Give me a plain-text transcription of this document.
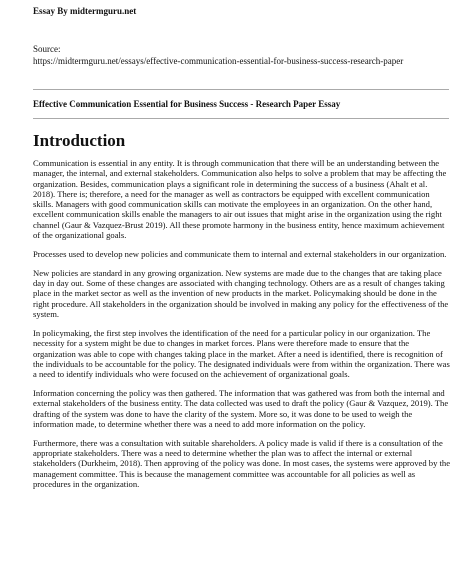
Essay By midtermguru.net
Source:
https://midtermguru.net/essays/effective-communication-essential-for-business-success-research-paper
Effective Communication Essential for Business Success - Research Paper Essay
Introduction

Communication is essential in any entity. It is through communication that there will be an understanding between the manager, the internal, and external stakeholders. Communication also helps to solve a problem that may be affecting the organization. Besides, communication plays a significant role in determining the success of a business (Ahalt et al. 2018). There is; therefore, a need for the manager as well as contractors be equipped with excellent communication skills. Managers with good communication skills can motivate the employees in an organization. On the other hand, excellent communication skills enable the managers to air out issues that might arise in the organization using the right channel (Gaur & Vazquez-Brust 2019). All these promote harmony in the business entity, hence maximum achievement of the organizational goals.

Processes used to develop new policies and communicate them to internal and external stakeholders in our organization.

New policies are standard in any growing organization. New systems are made due to the changes that are taking place day in day out. Some of these changes are associated with changing technology. Others are as a result of changes taking place in the market sector as well as the invention of new products in the market. Policymaking should be done in the right procedure. All stakeholders in the organization should be involved in making any policy for the effectiveness of the system.

In policymaking, the first step involves the identification of the need for a particular policy in our organization. The necessity for a system might be due to changes in market forces. Plans were therefore made to ensure that the organization was able to cope with changes taking place in the market. After a need is identified, there is recognition of the individuals to be accountable for the policy. The designated individuals were from within the organization. There was a need to identify individuals who were focused on the achievement of organizational goals.

Information concerning the policy was then gathered. The information that was gathered was from both the internal and external stakeholders of the business entity. The data collected was used to draft the policy (Gaur & Vazquez, 2019). The drafting of the system was done to have the clarity of the system. More so, it was done to be used to weigh the information made, to determine whether there was a need to add more information on the policy.

Furthermore, there was a consultation with suitable shareholders. A policy made is valid if there is a consultation of the appropriate stakeholders. There was a need to determine whether the plan was to affect the internal or external stakeholders (Durkheim, 2018). Then approving of the policy was done. In most cases, the systems were approved by the management committee. This is because the management committee was accountable for all policies as well as procedures in the organization.
